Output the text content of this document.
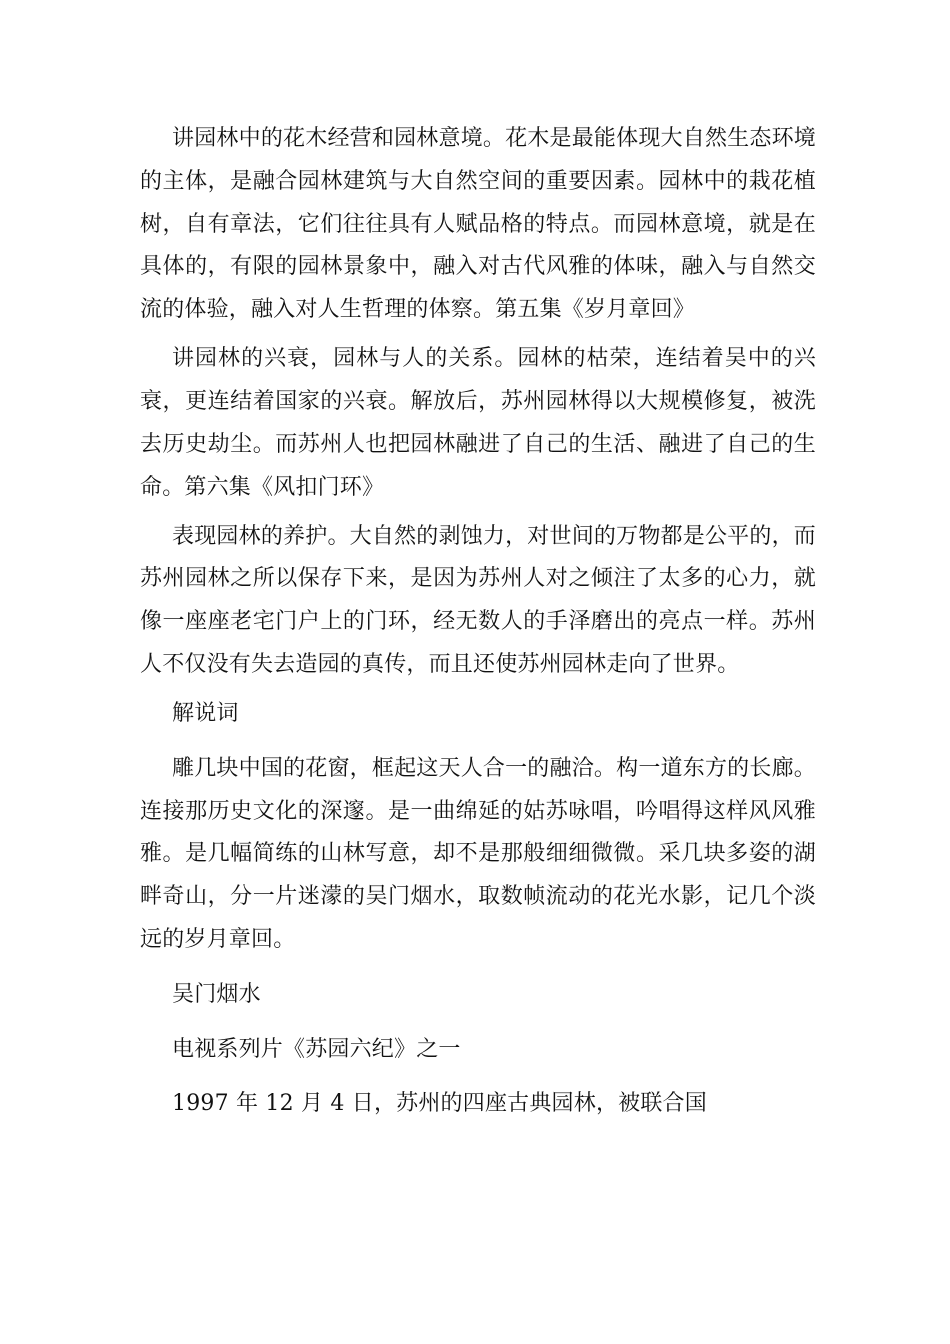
讲园林中的花木经营和园林意境。花木是最能体现大自然生态环境的主体，是融合园林建筑与大自然空间的重要因素。园林中的栽花植树，自有章法，它们往往具有人赋品格的特点。而园林意境，就是在具体的，有限的园林景象中，融入对古代风雅的体味，融入与自然交流的体验，融入对人生哲理的体察。第五集《岁月章回》

讲园林的兴衰，园林与人的关系。园林的枯荣，连结着吴中的兴衰，更连结着国家的兴衰。解放后，苏州园林得以大规模修复，被洗去历史劫尘。而苏州人也把园林融进了自己的生活、融进了自己的生命。第六集《风扣门环》

表现园林的养护。大自然的剥蚀力，对世间的万物都是公平的，而苏州园林之所以保存下来，是因为苏州人对之倾注了太多的心力，就像一座座老宅门户上的门环，经无数人的手泽磨出的亮点一样。苏州人不仅没有失去造园的真传，而且还使苏州园林走向了世界。

解说词

雕几块中国的花窗，框起这天人合一的融洽。构一道东方的长廊。连接那历史文化的深邃。是一曲绵延的姑苏咏唱，吟唱得这样风风雅雅。是几幅简练的山林写意，却不是那般细细微微。采几块多姿的湖畔奇山，分一片迷濛的吴门烟水，取数帧流动的花光水影，记几个淡远的岁月章回。

吴门烟水

电视系列片《苏园六纪》之一

1997 年 12 月 4 日，苏州的四座古典园林，被联合国
